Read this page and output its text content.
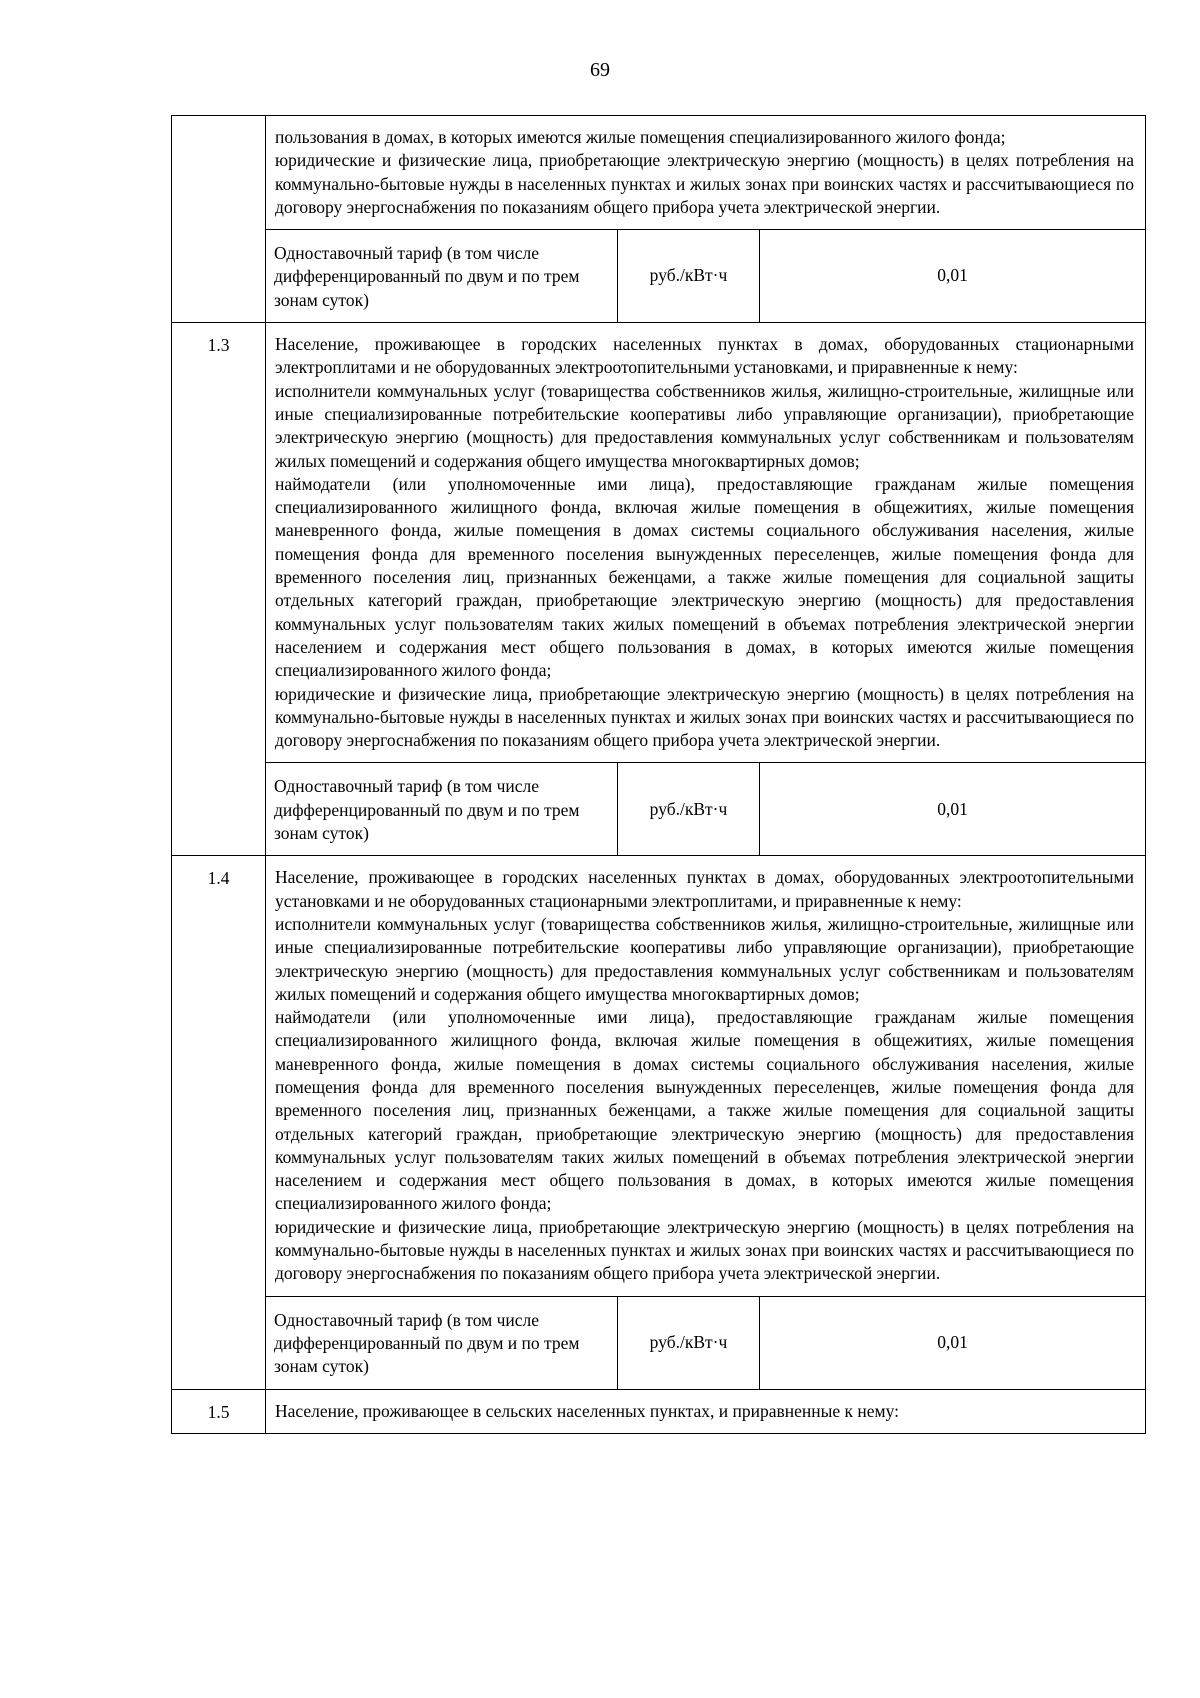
69

пользования в домах, в которых имеются жилые помещения специализированного жилого фонда;
юридические и физические лица, приобретающие электрическую энергию (мощность) в целях потребления на коммунально-бытовые нужды в населенных пунктах и жилых зонах при воинских частях и рассчитывающиеся по договору энергоснабжения по показаниям общего прибора учета электрической энергии.

Одноставочный тариф (в том числе дифференцированный по двум и по трем зонам суток)	руб./кВт·ч	0,01

1.3	Население, проживающее в городских населенных пунктах в домах, оборудованных стационарными электроплитами и не оборудованных электроотопительными установками, и приравненные к нему:
исполнители коммунальных услуг (товарищества собственников жилья, жилищно-строительные, жилищные или иные специализированные потребительские кооперативы либо управляющие организации), приобретающие электрическую энергию (мощность) для предоставления коммунальных услуг собственникам и пользователям жилых помещений и содержания общего имущества многоквартирных домов;
наймодатели (или уполномоченные ими лица), предоставляющие гражданам жилые помещения специализированного жилищного фонда, включая жилые помещения в общежитиях, жилые помещения маневренного фонда, жилые помещения в домах системы социального обслуживания населения, жилые помещения фонда для временного поселения вынужденных переселенцев, жилые помещения фонда для временного поселения лиц, признанных беженцами, а также жилые помещения для социальной защиты отдельных категорий граждан, приобретающие электрическую энергию (мощность) для предоставления коммунальных услуг пользователям таких жилых помещений в объемах потребления электрической энергии населением и содержания мест общего пользования в домах, в которых имеются жилые помещения специализированного жилого фонда;
юридические и физические лица, приобретающие электрическую энергию (мощность) в целях потребления на коммунально-бытовые нужды в населенных пунктах и жилых зонах при воинских частях и рассчитывающиеся по договору энергоснабжения по показаниям общего прибора учета электрической энергии.

Одноставочный тариф (в том числе дифференцированный по двум и по трем зонам суток)	руб./кВт·ч	0,01

1.4	Население, проживающее в городских населенных пунктах в домах, оборудованных электроотопительными установками и не оборудованных стационарными электроплитами, и приравненные к нему:
исполнители коммунальных услуг (товарищества собственников жилья, жилищно-строительные, жилищные или иные специализированные потребительские кооперативы либо управляющие организации), приобретающие электрическую энергию (мощность) для предоставления коммунальных услуг собственникам и пользователям жилых помещений и содержания общего имущества многоквартирных домов;
наймодатели (или уполномоченные ими лица), предоставляющие гражданам жилые помещения специализированного жилищного фонда, включая жилые помещения в общежитиях, жилые помещения маневренного фонда, жилые помещения в домах системы социального обслуживания населения, жилые помещения фонда для временного поселения вынужденных переселенцев, жилые помещения фонда для временного поселения лиц, признанных беженцами, а также жилые помещения для социальной защиты отдельных категорий граждан, приобретающие электрическую энергию (мощность) для предоставления коммунальных услуг пользователям таких жилых помещений в объемах потребления электрической энергии населением и содержания мест общего пользования в домах, в которых имеются жилые помещения специализированного жилого фонда;
юридические и физические лица, приобретающие электрическую энергию (мощность) в целях потребления на коммунально-бытовые нужды в населенных пунктах и жилых зонах при воинских частях и рассчитывающиеся по договору энергоснабжения по показаниям общего прибора учета электрической энергии.

Одноставочный тариф (в том числе дифференцированный по двум и по трем зонам суток)	руб./кВт·ч	0,01

1.5	Население, проживающее в сельских населенных пунктах, и приравненные к нему:
